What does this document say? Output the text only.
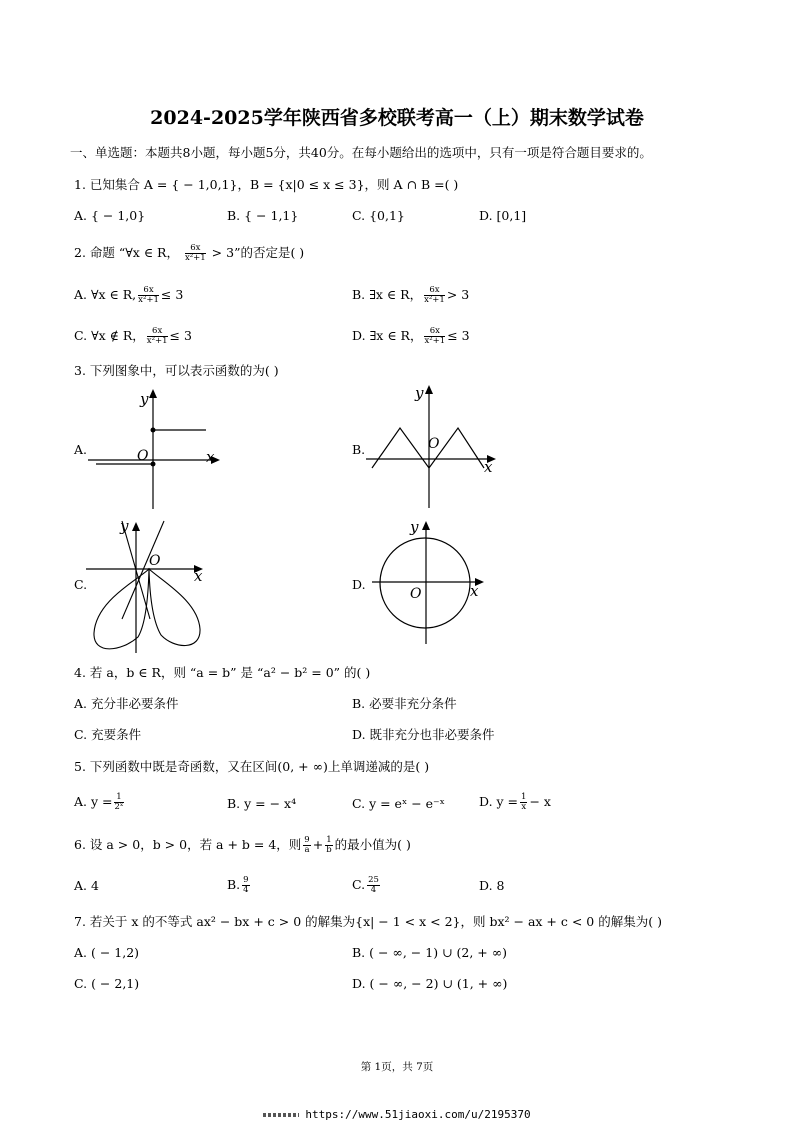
2024-2025学年陕西省多校联考高一（上）期末数学试卷
一、单选题：本题共8小题，每小题5分，共40分。在每小题给出的选项中，只有一项是符合题目要求的。
1. 已知集合 A = { − 1,0,1}，B = {x|0 ≤ x ≤ 3}，则 A ∩ B =( )
A. { − 1,0}	B. { − 1,1}	C. {0,1}	D. [0,1]
2. 命题 “∀x ∈ R， $\frac{6x}{\text{x²+1}} > 3$”的否定是( )
A. ∀x ∈ R, $\frac{6x}{\text{x²+1}} \le 3$	B. ∃x ∈ R， $\frac{6x}{\text{x²+1}} > 3$
C. ∀x ∉ R， $\frac{6x}{\text{x²+1}} \le 3$	D. ∃x ∈ R， $\frac{6x}{\text{x²+1}} \le 3$
3. 下列图象中，可以表示函数的为( )
A.
y
O	x	B.
y
O
x
C.
y
O
x	D.
y
O	x
4. 若 a，b ∈ R，则 “a = b” 是 “a² − b² = 0” 的( )
A. 充分非必要条件	B. 必要非充分条件
C. 充要条件	D. 既非充分也非必要条件
5. 下列函数中既是奇函数，又在区间(0, + ∞)上单调递减的是( )
A. $y = \frac{1}{\text{2ˣ}}$	B. y = − x⁴	C. y = eˣ − e⁻ˣ	D. $y = \frac{1}{x} - x$
6. 设 a > 0，b > 0，若 a + b = 4，则 $\frac{9}{a} + \frac{1}{b}$ 的最小值为( )
A. 4	B. $\frac{9}{4}$	C. $\frac{25}{4}$	D. 8
7. 若关于 x 的不等式 ax² − bx + c > 0 的解集为{x| − 1 < x < 2}，则 bx² − ax + c < 0 的解集为( )
A. ( − 1,2)	B. ( − ∞, − 1) ∪ (2, + ∞)
C. ( − 2,1)	D. ( − ∞, − 2) ∪ (1, + ∞)
第 1页，共 7页
https://www.51jiaoxi.com/u/2195370
